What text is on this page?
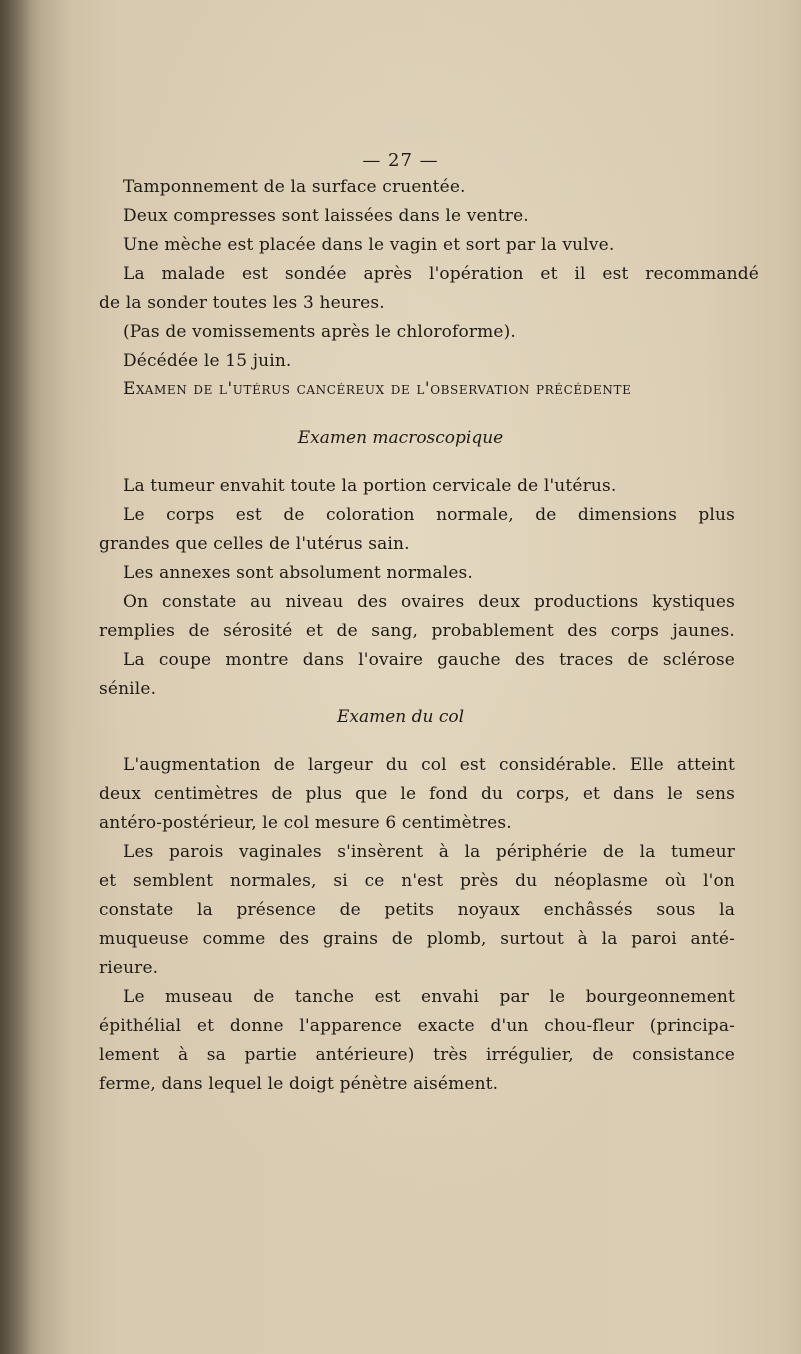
— 27 —
Tamponnement de la surface cruentée.
Deux compresses sont laissées dans le ventre.
Une mèche est placée dans le vagin et sort par la vulve.
La malade est sondée après l'opération et il est recommandé
de la sonder toutes les 3 heures.
(Pas de vomissements après le chloroforme).
Décédée le 15 juin.
Examen de l'utérus cancéreux de l'observation précédente
Examen macroscopique
La tumeur envahit toute la portion cervicale de l'utérus.
Le corps est de coloration normale, de dimensions plus
grandes que celles de l'utérus sain.
Les annexes sont absolument normales.
On constate au niveau des ovaires deux productions kystiques
remplies de sérosité et de sang, probablement des corps jaunes.
La coupe montre dans l'ovaire gauche des traces de sclérose
sénile.
Examen du col
L'augmentation de largeur du col est considérable. Elle atteint
deux centimètres de plus que le fond du corps, et dans le sens
antéro-postérieur, le col mesure 6 centimètres.
Les parois vaginales s'insèrent à la périphérie de la tumeur
et semblent normales, si ce n'est près du néoplasme où l'on
constate la présence de petits noyaux enchâssés sous la
muqueuse comme des grains de plomb, surtout à la paroi anté-
rieure.
Le museau de tanche est envahi par le bourgeonnement
épithélial et donne l'apparence exacte d'un chou-fleur (principa-
lement à sa partie antérieure) très irrégulier, de consistance
ferme, dans lequel le doigt pénètre aisément.
